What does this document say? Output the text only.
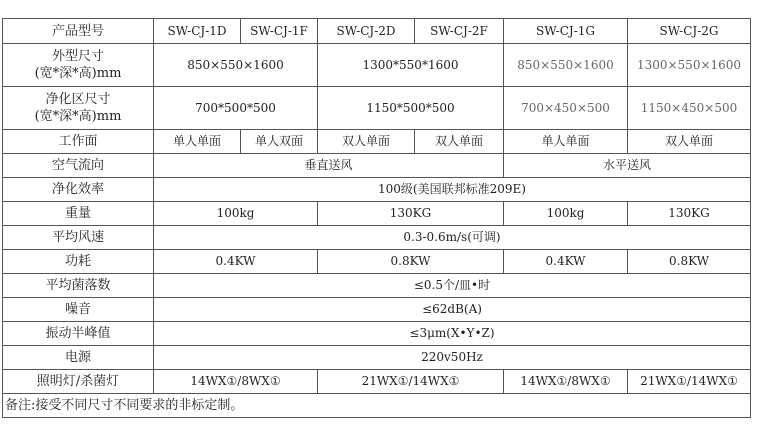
产品型号	SW-CJ-1D	SW-CJ-1F	SW-CJ-2D	SW-CJ-2F	SW-CJ-1G	SW-CJ-2G

外型尺寸
(宽*深*高)mm	850×550×1600		1300*550*1600		850×550×1600	1300×550×1600

净化区尺寸
(宽*深*高)mm	700*500*500		1150*500*500		700×450×500	1150×450×500
工作面	单人单面	单人双面	双人单面	双人单面	单人单面	双人单面
空气流向	垂直送风				水平送风	
净化效率	100级(美国联邦标准209E)					
重量	100kg		130KG		100kg	130KG
平均风速	0.3-0.6m/s(可调)					
功耗	0.4KW		0.8KW		0.4KW	0.8KW
平均菌落数	≤0.5个/皿•时					
噪音	≤62dB(A)					
振动半峰值	≤3μm(X•Y•Z)					
电源	220v50Hz					
照明灯/杀菌灯	14WX①/8WX①		21WX①/14WX①		14WX①/8WX①	21WX①/14WX①
备注:接受不同尺寸不同要求的非标定制。						
